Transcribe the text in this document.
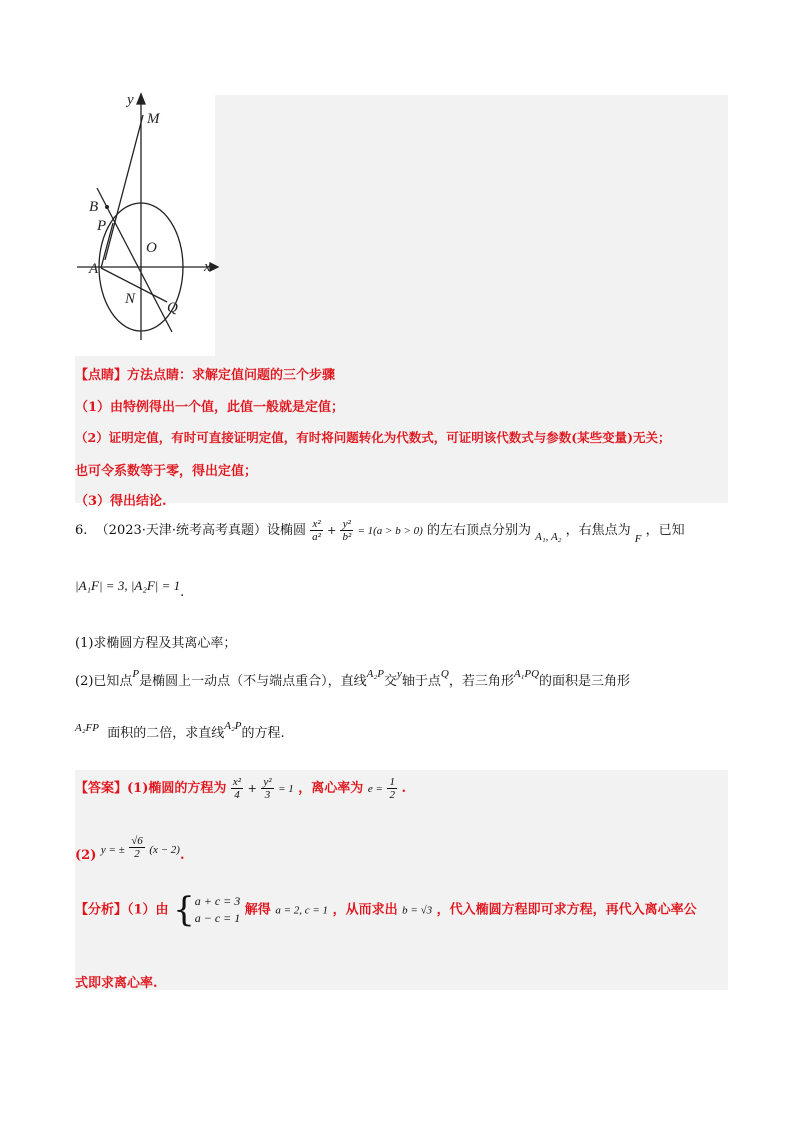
y
M
B
P
O
A	x
N
Q
【点睛】方法点睛：求解定值问题的三个步骤
（1）由特例得出一个值，此值一般就是定值；
（2）证明定值，有时可直接证明定值，有时将问题转化为代数式，可证明该代数式与参数(某些变量)无关；
也可令系数等于零，得出定值；
（3）得出结论.
6. （2023·天津·统考高考真题）设椭圆 $\frac{\text{x²}}{\text{a²}} + \frac{\text{y²}}{\text{b²}} = 1(a > b > 0)$ 的左右顶点分别为 $_{A_1, A_2}$ ，右焦点为 $_F$ ，已知
|A₁F| = 3, |A₂F| = 1.
(1)求椭圆方程及其离心率；
(2)已知点$^P$是椭圆上一动点（不与端点重合），直线$^{A_2P}$交$^y$轴于点$^Q$，若三角形$^{A_1PQ}$的面积是三角形
$^{A_2FP}$ 面积的二倍，求直线$^{A_2P}$的方程.
【答案】(1)椭圆的方程为 $\frac{\text{x²}}{4} + \frac{\text{y²}}{3} = 1$ ，离心率为 $e = \frac{1}{2}$ .
(2) $^{y = \pm} \frac{√6}{2} ^{(x - 2)}$.
【分析】（1）由 { a + c = 3
a − c = 1
解得 a = 2, c = 1 ，从而求出 b = √3 ，代入椭圆方程即可求方程，再代入离心率公
式即求离心率.
